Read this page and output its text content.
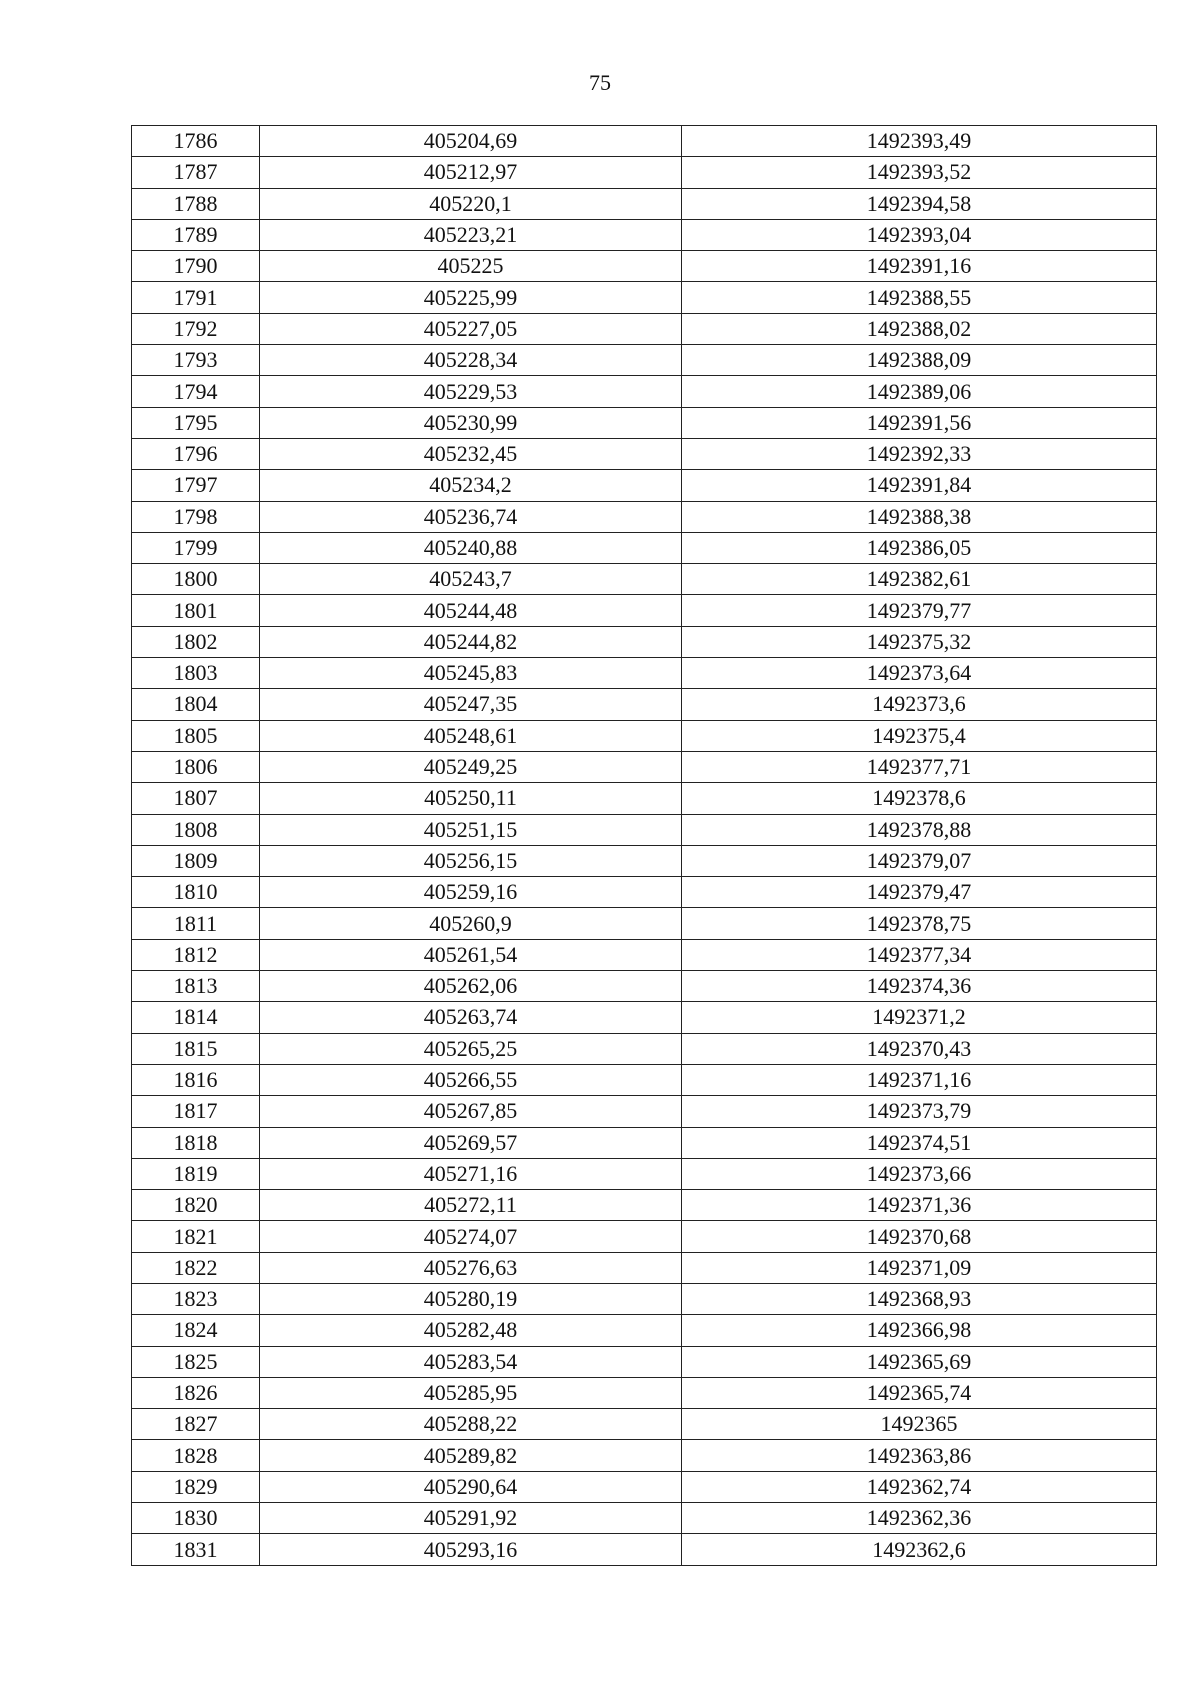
75
1786	405204,69	1492393,49
1787	405212,97	1492393,52
1788	405220,1	1492394,58
1789	405223,21	1492393,04
1790	405225	1492391,16
1791	405225,99	1492388,55
1792	405227,05	1492388,02
1793	405228,34	1492388,09
1794	405229,53	1492389,06
1795	405230,99	1492391,56
1796	405232,45	1492392,33
1797	405234,2	1492391,84
1798	405236,74	1492388,38
1799	405240,88	1492386,05
1800	405243,7	1492382,61
1801	405244,48	1492379,77
1802	405244,82	1492375,32
1803	405245,83	1492373,64
1804	405247,35	1492373,6
1805	405248,61	1492375,4
1806	405249,25	1492377,71
1807	405250,11	1492378,6
1808	405251,15	1492378,88
1809	405256,15	1492379,07
1810	405259,16	1492379,47
1811	405260,9	1492378,75
1812	405261,54	1492377,34
1813	405262,06	1492374,36
1814	405263,74	1492371,2
1815	405265,25	1492370,43
1816	405266,55	1492371,16
1817	405267,85	1492373,79
1818	405269,57	1492374,51
1819	405271,16	1492373,66
1820	405272,11	1492371,36
1821	405274,07	1492370,68
1822	405276,63	1492371,09
1823	405280,19	1492368,93
1824	405282,48	1492366,98
1825	405283,54	1492365,69
1826	405285,95	1492365,74
1827	405288,22	1492365
1828	405289,82	1492363,86
1829	405290,64	1492362,74
1830	405291,92	1492362,36
1831	405293,16	1492362,6
